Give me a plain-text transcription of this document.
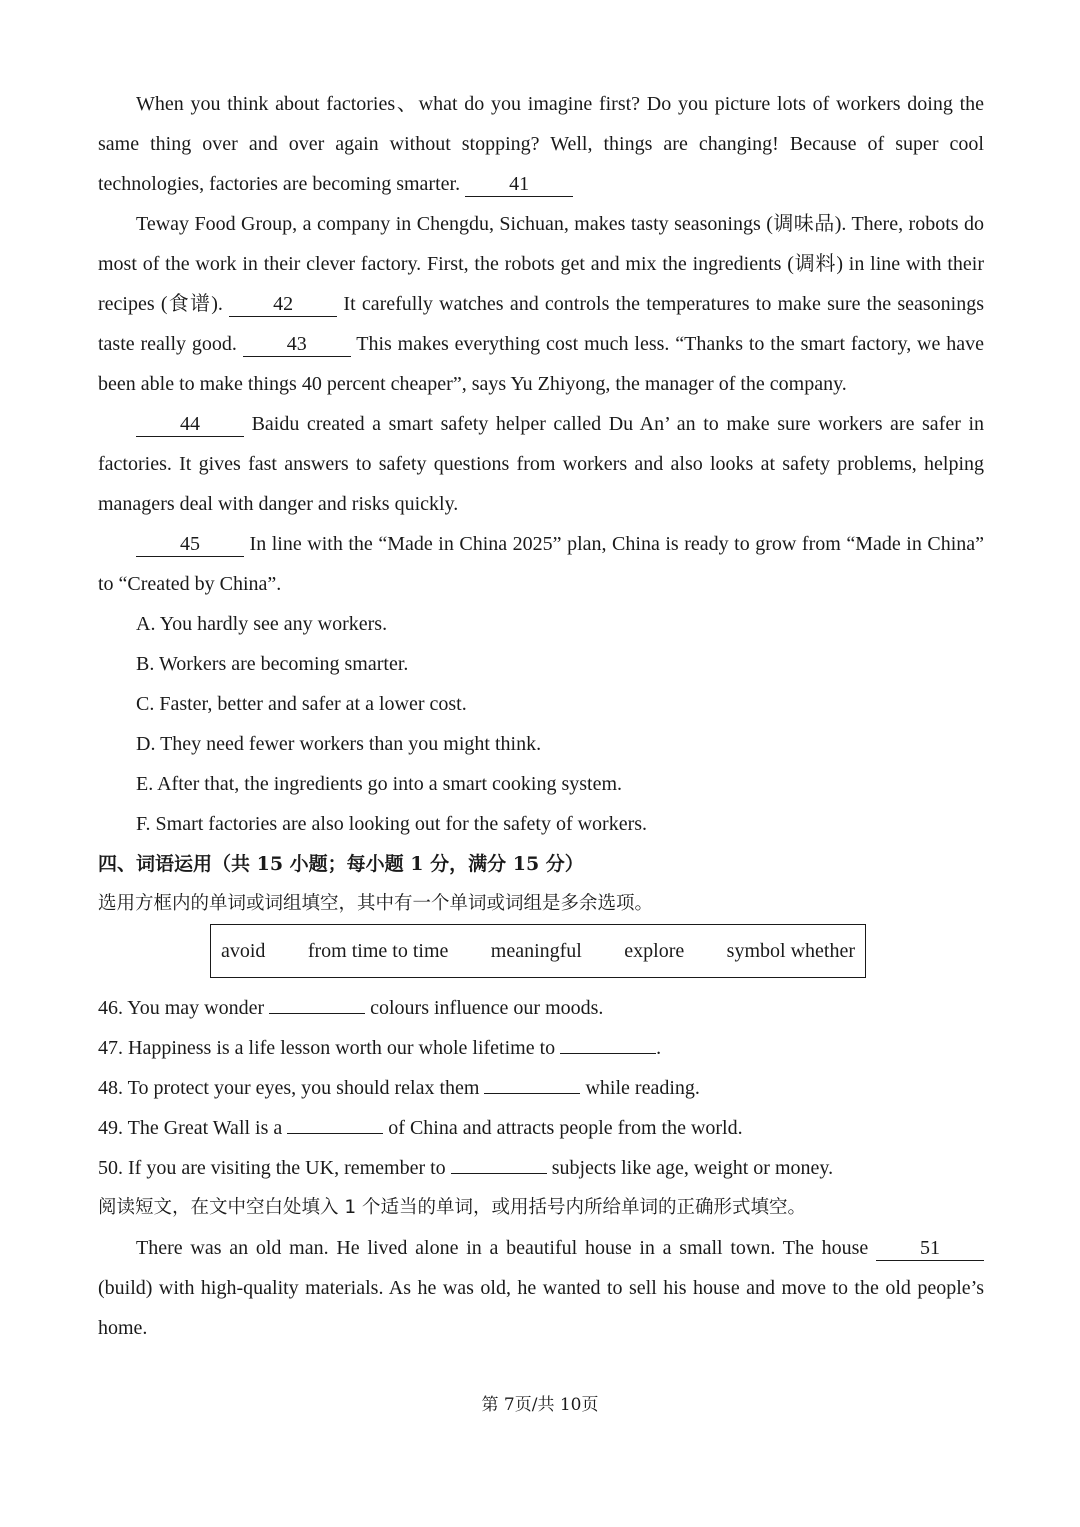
When you think about factories、what do you imagine first? Do you picture lots of workers doing the same thing over and over again without stopping? Well, things are changing! Because of super cool technologies, factories are becoming smarter. 41

Teway Food Group, a company in Chengdu, Sichuan, makes tasty seasonings (调味品). There, robots do most of the work in their clever factory. First, the robots get and mix the ingredients (调料) in line with their recipes (食谱).	42	It carefully watches and controls the temperatures to make sure the seasonings taste really good. 43 This makes everything cost much less. “Thanks to the smart factory, we have been able to make things 40 percent cheaper”, says Yu Zhiyong, the manager of the company.

44	Baidu created a smart safety helper called Du An’ an to make sure workers are safer in factories. It gives fast answers to safety questions from workers and also looks at safety problems, helping managers deal with danger and risks quickly.

45 In line with the “Made in China 2025” plan, China is ready to grow from “Made in China” to “Created by China”.

A. You hardly see any workers.

B. Workers are becoming smarter.

C. Faster, better and safer at a lower cost.

D. They need fewer workers than you might think.

E. After that, the ingredients go into a smart cooking system.

F. Smart factories are also looking out for the safety of workers.

四、词语运用（共 15 小题；每小题 1 分，满分 15 分）

选用方框内的单词或词组填空，其中有一个单词或词组是多余选项。

avoid from time to time meaningful explore symbol whether

46. You may wonder	colours influence our moods.

47. Happiness is a life lesson worth our whole lifetime to	.

48. To protect your eyes, you should relax them	while reading.

49. The Great Wall is a	of China and attracts people from the world.

50. If you are visiting the UK, remember to	subjects like age, weight or money.

阅读短文，在文中空白处填入 1 个适当的单词，或用括号内所给单词的正确形式填空。

There was an old man. He lived alone in a beautiful house in a small town. The house	51 (build) with high-quality materials. As he was old, he wanted to sell his house and move to the old people’s home.

第 7页/共 10页
